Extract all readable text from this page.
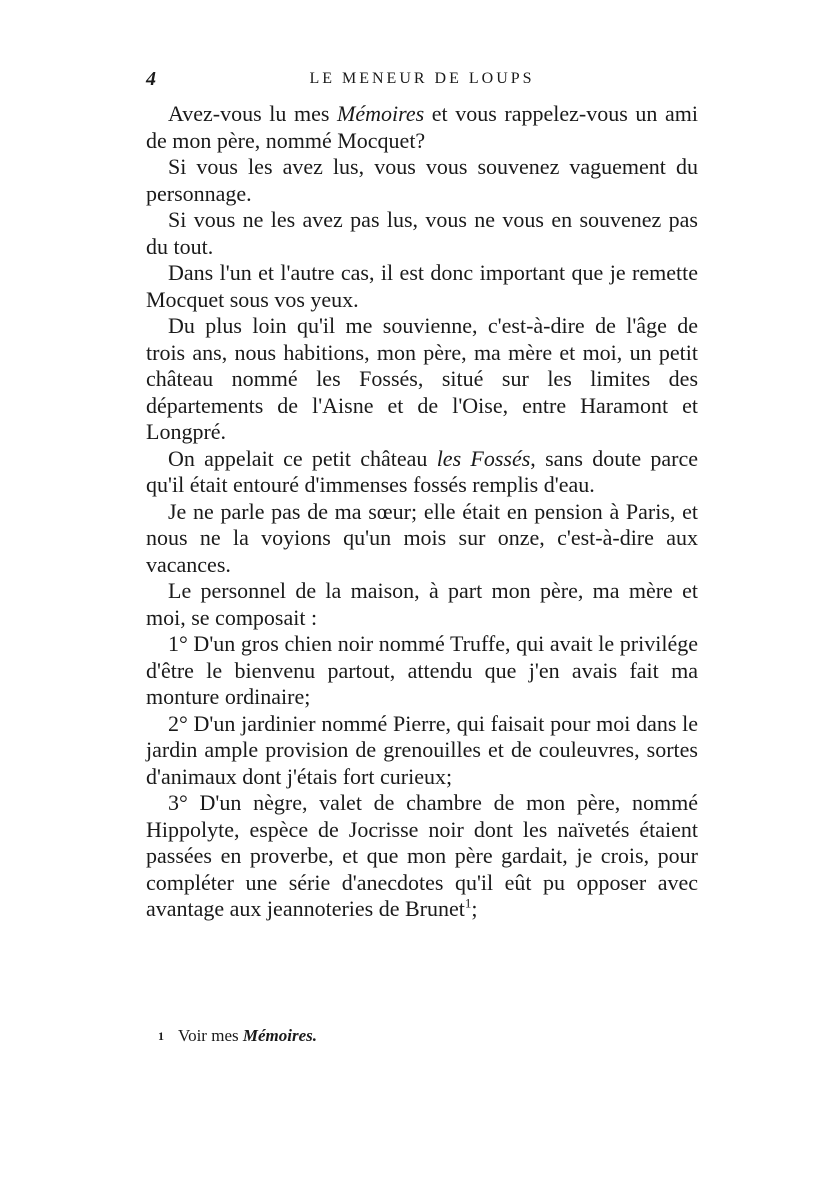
4	LE MENEUR DE LOUPS

Avez-vous lu mes Mémoires et vous rappelez-vous un ami de mon père, nommé Mocquet?

Si vous les avez lus, vous vous souvenez vaguement du personnage.

Si vous ne les avez pas lus, vous ne vous en souvenez pas du tout.

Dans l'un et l'autre cas, il est donc important que je remette Mocquet sous vos yeux.

Du plus loin qu'il me souvienne, c'est-à-dire de l'âge de trois ans, nous habitions, mon père, ma mère et moi, un petit château nommé les Fossés, situé sur les limites des départements de l'Aisne et de l'Oise, entre Haramont et Longpré.

On appelait ce petit château les Fossés, sans doute parce qu'il était entouré d'immenses fossés remplis d'eau.

Je ne parle pas de ma sœur; elle était en pension à Paris, et nous ne la voyions qu'un mois sur onze, c'est-à-dire aux vacances.

Le personnel de la maison, à part mon père, ma mère et moi, se composait :

1° D'un gros chien noir nommé Truffe, qui avait le privilége d'être le bienvenu partout, attendu que j'en avais fait ma monture ordinaire;

2° D'un jardinier nommé Pierre, qui faisait pour moi dans le jardin ample provision de grenouilles et de couleuvres, sortes d'animaux dont j'étais fort curieux;

3° D'un nègre, valet de chambre de mon père, nommé Hippolyte, espèce de Jocrisse noir dont les naïvetés étaient passées en proverbe, et que mon père gardait, je crois, pour compléter une série d'anecdotes qu'il eût pu opposer avec avantage aux jeannoteries de Brunet$^1$;

1 Voir mes Mémoires.
